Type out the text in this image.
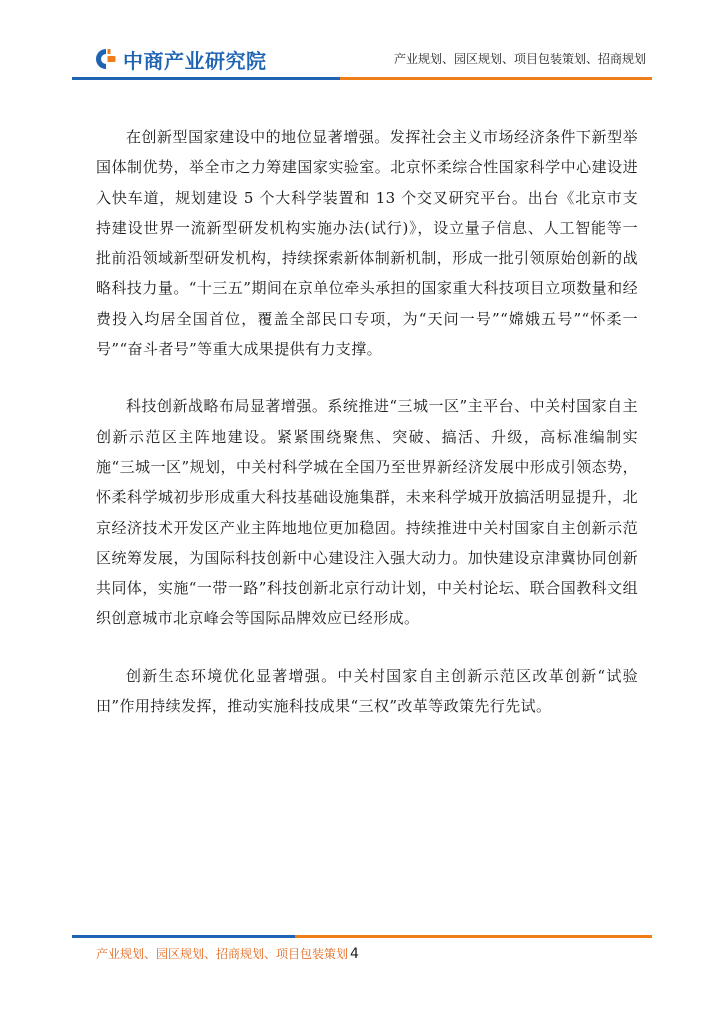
中商产业研究院	产业规划、园区规划、项目包装策划、招商规划

在创新型国家建设中的地位显著增强。发挥社会主义市场经济条件下新型举国体制优势，举全市之力筹建国家实验室。北京怀柔综合性国家科学中心建设进入快车道，规划建设 5 个大科学装置和 13 个交叉研究平台。出台《北京市支持建设世界一流新型研发机构实施办法(试行)》，设立量子信息、人工智能等一批前沿领域新型研发机构，持续探索新体制新机制，形成一批引领原始创新的战略科技力量。“十三五”期间在京单位牵头承担的国家重大科技项目立项数量和经费投入均居全国首位，覆盖全部民口专项，为“天问一号”“嫦娥五号”“怀柔一号”“奋斗者号”等重大成果提供有力支撑。

科技创新战略布局显著增强。系统推进“三城一区”主平台、中关村国家自主创新示范区主阵地建设。紧紧围绕聚焦、突破、搞活、升级，高标准编制实施“三城一区”规划，中关村科学城在全国乃至世界新经济发展中形成引领态势，怀柔科学城初步形成重大科技基础设施集群，未来科学城开放搞活明显提升，北京经济技术开发区产业主阵地地位更加稳固。持续推进中关村国家自主创新示范区统筹发展，为国际科技创新中心建设注入强大动力。加快建设京津冀协同创新共同体，实施“一带一路”科技创新北京行动计划，中关村论坛、联合国教科文组织创意城市北京峰会等国际品牌效应已经形成。

创新生态环境优化显著增强。中关村国家自主创新示范区改革创新“试验田”作用持续发挥，推动实施科技成果“三权”改革等政策先行先试。

产业规划、园区规划、招商规划、项目包装策划 4
